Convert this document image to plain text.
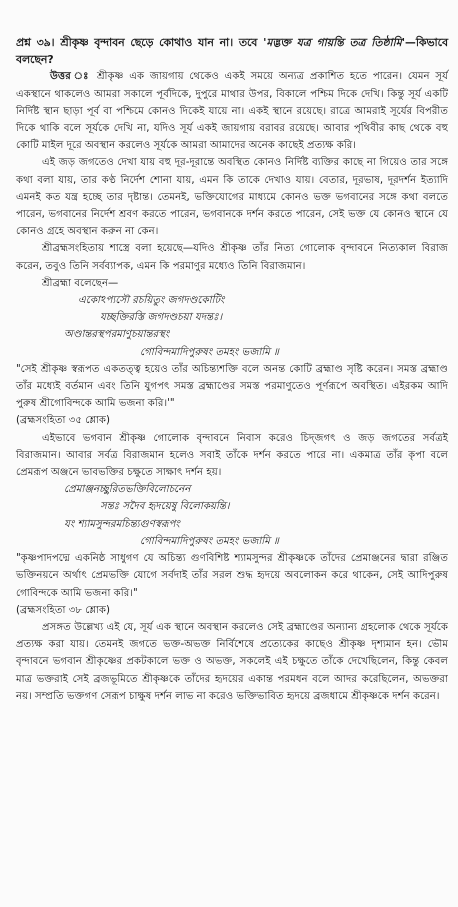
প্রশ্ন ৩৯। শ্রীকৃষ্ণ বৃন্দাবন ছেড়ে কোথাও যান না। তবে 'মদ্ভক্ত যত্র গায়ন্তি তত্র তিষ্ঠামি'—কিভাবে বলছেন?

উত্তর ঃ শ্রীকৃষ্ণ এক জায়গায় থেকেও একই সময়ে অন্যত্র প্রকাশিত হতে পারেন। যেমন সূর্য একস্থানে থাকলেও আমরা সকালে পূর্বদিকে, দুপুরে মাথার উপর, বিকালে পশ্চিম দিকে দেখি। কিন্তু সূর্য একটি নির্দিষ্ট স্থান ছাড়া পূর্ব বা পশ্চিমে কোনও দিকেই যায়ে না। একই স্থানে রয়েছে। রাত্রে আমরাই সূর্যের বিপরীত দিকে থাকি বলে সূর্যকে দেখি না, যদিও সূর্য একই জায়গায় বরাবর রয়েছে। আবার পৃথিবীর কাছ থেকে বহু কোটি মাইল দূরে অবস্থান করলেও সূর্যকে আমরা আমাদের অনেক কাছেই প্রত্যক্ষ করি।

এই জড় জগতেও দেখা যায় বহু দূর-দূরান্তে অবস্থিত কোনও নির্দিষ্ট ব্যক্তির কাছে না গিয়েও তার সঙ্গে কথা বলা যায়, তার কণ্ঠ নির্দেশ শোনা যায়, এমন কি তাকে দেখাও যায়। বেতার, দূরভাষ, দূরদর্শন ইত্যাদি এমনই কত যন্ত্র হচ্ছে তার দৃষ্টান্ত। তেমনই, ভক্তিযোগের মাধ্যমে কোনও ভক্ত ভগবানের সঙ্গে কথা বলতে পারেন, ভগবানের নির্দেশ শ্রবণ করতে পারেন, ভগবানকে দর্শন করতে পারেন, সেই ভক্ত যে কোনও স্থানে যে কোনও গ্রহে অবস্থান করুন না কেন।

শ্রীব্রহ্মসংহিতায় শাস্ত্রে বলা হয়েছে—যদিও শ্রীকৃষ্ণ তাঁর নিত্য গোলোক বৃন্দাবনে নিত্যকাল বিরাজ করেন, তবুও তিনি সর্বব্যাপক, এমন কি পরমাণুর মধ্যেও তিনি বিরাজমান।

শ্রীব্রহ্মা বলেছেন—

একোঽপ্যসৌ রচয়িতুং জগদণ্ডকোটিং

যচ্ছক্তিরস্তি জগদণ্ডচয়া যদন্তঃ।

অণ্ডান্তরস্থপরমাণুচয়ান্তরস্থং

গোবিন্দমাদিপুরুষং তমহং ভজামি ॥

"সেই শ্রীকৃষ্ণ স্বরূপত একতত্ত্ব হয়েও তাঁর অচিন্ত্যশক্তি বলে অনন্ত কোটি ব্রহ্মাণ্ড সৃষ্টি করেন। সমস্ত ব্রহ্মাণ্ড তাঁর মধ্যেই বর্তমান এবং তিনি যুগপৎ সমস্ত ব্রহ্মাণ্ডের সমস্ত পরমাণুতেও পূর্ণরূপে অবস্থিত। এইরকম আদি পুরুষ শ্রীগোবিন্দকে আমি ভজনা করি।'"

(ব্রহ্মসংহিতা ৩৫ শ্লোক)

এইভাবে ভগবান শ্রীকৃষ্ণ গোলোক বৃন্দাবনে নিবাস করেও চিদ্জগৎ ও জড় জগতের সর্বত্রই বিরাজমান। আবার সর্বত্র বিরাজমান হলেও সবাই তাঁকে দর্শন করতে পারে না। একমাত্র তাঁর কৃপা বলে প্রেমরূপ অঞ্জনে ভাবভক্তির চক্ষুতে সাক্ষাৎ দর্শন হয়।

প্রেমাঞ্জনচ্ছুরিতভক্তিবিলোচনেন

সন্তঃ সদৈব হৃদয়েষু বিলোকয়ন্তি।

যং শ্যামসুন্দরমচিন্ত্যগুণস্বরূপং

গোবিন্দমাদিপুরুষং তমহং ভজামি ॥

"কৃষ্ণপাদপদ্মে একনিষ্ঠ সাধুগণ যে অচিন্ত্য গুণবিশিষ্ট শ্যামসুন্দর শ্রীকৃষ্ণকে তাঁদের প্রেমাঞ্জনের দ্বারা রঞ্জিত ভক্তিনয়নে অর্থাৎ প্রেমভক্তি যোগে সর্বদাই তাঁর সরল শুদ্ধ হৃদয়ে অবলোকন করে থাকেন, সেই আদিপুরুষ গোবিন্দকে আমি ভজনা করি।"

(ব্রহ্মসংহিতা ৩৮ শ্লোক)

প্রসঙ্গত উল্লেখ্য এই যে, সূর্য এক স্থানে অবস্থান করলেও সেই ব্রহ্মাণ্ডের অন্যান্য গ্রহলোক থেকে সূর্যকে প্রত্যক্ষ করা যায়। তেমনই জগতে ভক্ত-অভক্ত নির্বিশেষে প্রত্যেকের কাছেও শ্রীকৃষ্ণ দৃশ্যমান হন। ভৌম বৃন্দাবনে ভগবান শ্রীকৃষ্ণের প্রকটকালে ভক্ত ও অভক্ত, সকলেই এই চক্ষুতে তাঁকে দেখেছিলেন, কিন্তু কেবল মাত্র ভক্তরাই সেই ব্রজভূমিতে শ্রীকৃষ্ণকে তাঁদের হৃদয়ের একান্ত পরমধন বলে আদর করেছিলেন, অভক্তরা নয়। সম্প্রতি ভক্তগণ সেরূপ চাক্ষুষ দর্শন লাভ না করেও ভক্তিভাবিত হৃদয়ে ব্রজধামে শ্রীকৃষ্ণকে দর্শন করেন।
